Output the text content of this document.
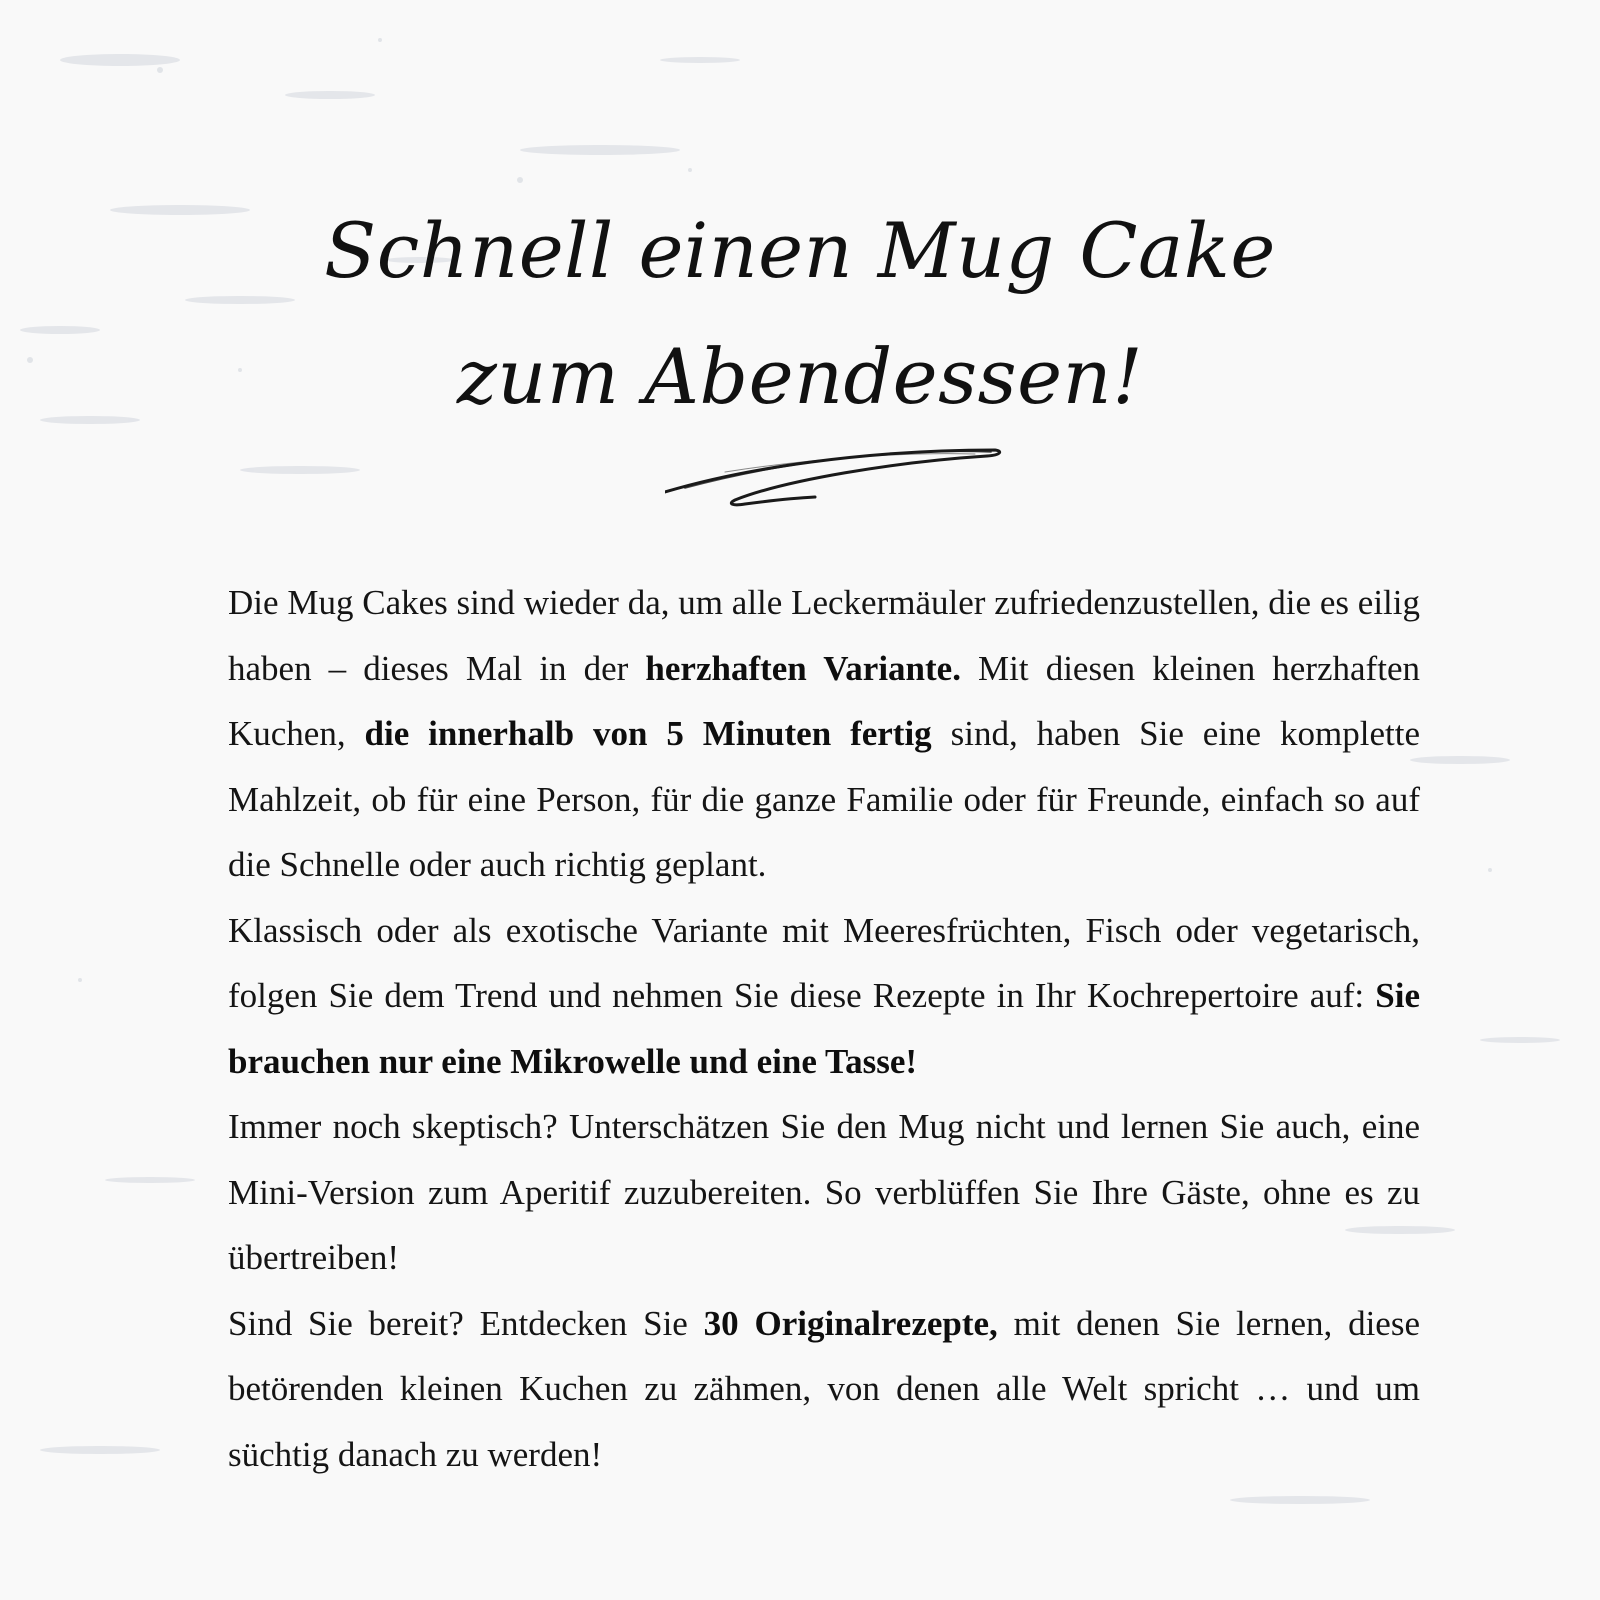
Schnell einen Mug Cake
zum Abendessen!

Die Mug Cakes sind wieder da, um alle Leckermäuler zufriedenzustellen, die es eilig haben – dieses Mal in der herzhaften Variante. Mit diesen kleinen herzhaften Kuchen, die innerhalb von 5 Minuten fertig sind, haben Sie eine komplette Mahlzeit, ob für eine Person, für die ganze Familie oder für Freunde, einfach so auf die Schnelle oder auch richtig geplant.

Klassisch oder als exotische Variante mit Meeresfrüchten, Fisch oder vegetarisch, folgen Sie dem Trend und nehmen Sie diese Rezepte in Ihr Kochrepertoire auf: Sie brauchen nur eine Mikrowelle und eine Tasse!

Immer noch skeptisch? Unterschätzen Sie den Mug nicht und lernen Sie auch, eine Mini-Version zum Aperitif zuzubereiten. So verblüffen Sie Ihre Gäste, ohne es zu übertreiben!

Sind Sie bereit? Entdecken Sie 30 Originalrezepte, mit denen Sie lernen, diese betörenden kleinen Kuchen zu zähmen, von denen alle Welt spricht … und um süchtig danach zu werden!
